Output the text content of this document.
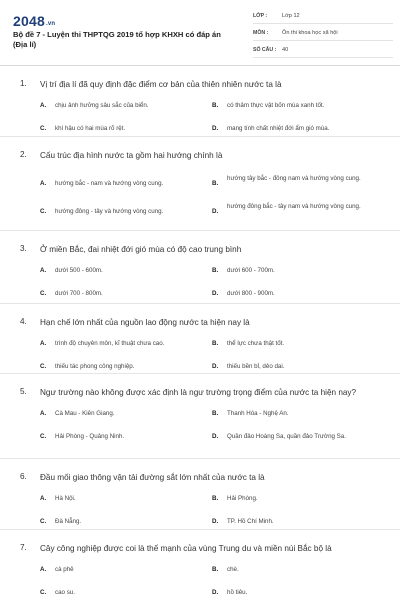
2048.vn
Bộ đề 7 - Luyện thi THPTQG 2019 tổ hợp KHXH có đáp án (Địa lí)
LỚP :	Lớp 12
MÔN : Ôn thi khoa học xã hội
SỐ CÂU : 40
1.	Vị trí địa lí đã quy định đặc điểm cơ bản của thiên nhiên nước ta là
A. chịu ảnh hưởng sâu sắc của biển.	B. có thảm thực vật bốn mùa xanh tốt.
C. khí hậu có hai mùa rõ rệt.	D. mang tính chất nhiệt đới ẩm gió mùa.
2.	Cấu trúc địa hình nước ta gồm hai hướng chính là
A. hướng bắc - nam và hướng vòng cung.	B.
hướng tây bắc - đông nam và hướng vòng cung.
C. hướng đông - tây và hướng vòng cung.	D.
hướng đông bắc - tây nam và hướng vòng cung.
3.	Ở miền Bắc, đai nhiệt đới gió mùa có độ cao trung bình
A. dưới 500 - 600m.	B. dưới 600 - 700m.
C. dưới 700 - 800m.	D. dưới 800 - 900m.
4.	Hạn chế lớn nhất của nguồn lao động nước ta hiện nay là
A. trình độ chuyên môn, kĩ thuật chưa cao.	B. thể lực chưa thật tốt.
C. thiếu tác phong công nghiệp.	D. thiếu bền bỉ, dẻo dai.
5.	Ngư trường nào không được xác định là ngư trường trọng điểm của nước ta hiện nay?
A. Cà Mau - Kiên Giang.	B. Thanh Hóa - Nghệ An.
C. Hải Phòng - Quảng Ninh.	D. Quần đảo Hoàng Sa, quần đảo Trường Sa.
6.	Đầu mối giao thông vận tải đường sắt lớn nhất của nước ta là
A. Hà Nội.	B. Hải Phòng.
C. Đà Nẵng.	D. TP. Hồ Chí Minh.
7.	Cây công nghiệp được coi là thế mạnh của vùng Trung du và miền núi Bắc bộ là
A. cà phê	B. chè.
C. cao su.	D. hồ tiêu.
